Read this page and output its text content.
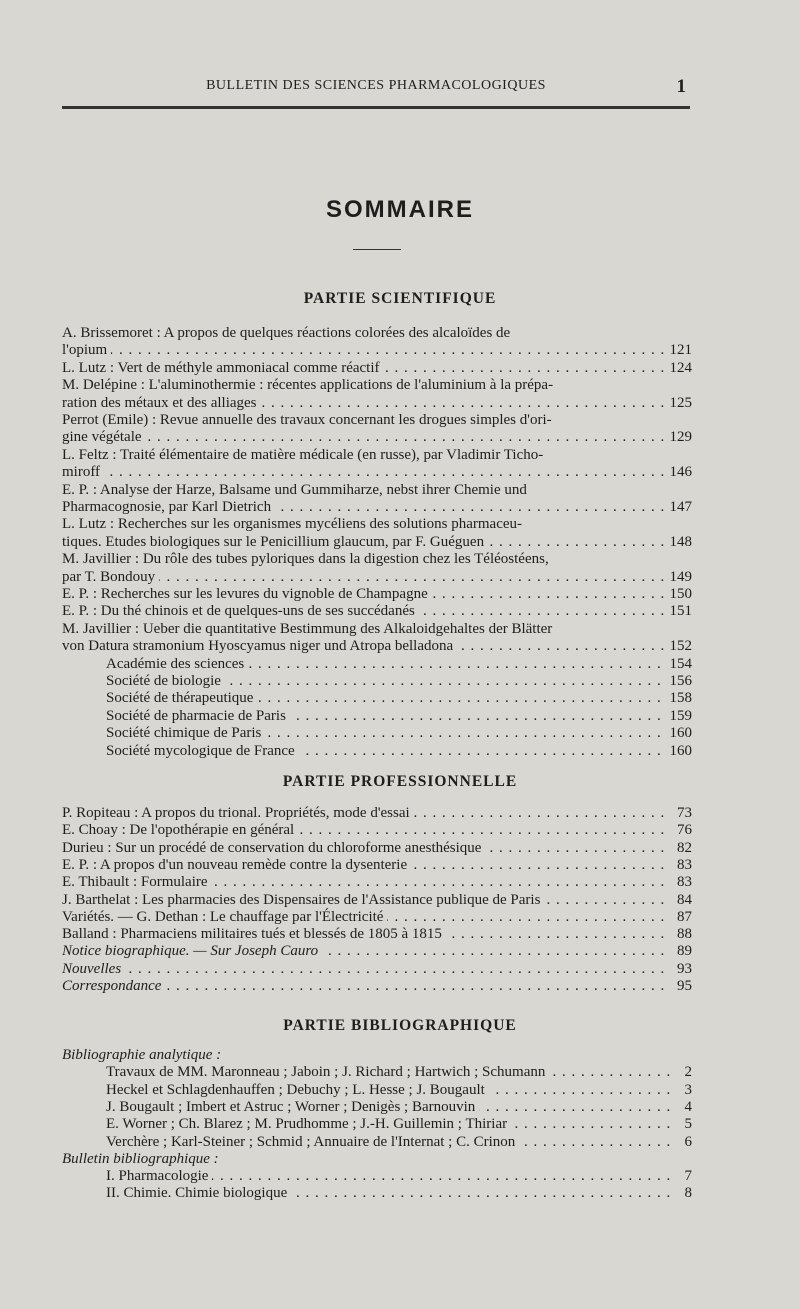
BULLETIN DES SCIENCES PHARMACOLOGIQUES	1
SOMMAIRE
PARTIE SCIENTIFIQUE
A. Brissemoret : A propos de quelques réactions colorées des alcaloïdes de
l'opium	121
. . .
L. Lutz : Vert de méthyle ammoniacal comme réactif	124
. . .
M. Delépine : L'aluminothermie : récentes applications de l'aluminium à la prépa-
ration des métaux et des alliages	125
. . .
Perrot (Emile) : Revue annuelle des travaux concernant les drogues simples d'ori-
gine végétale	129
. . .
L. Feltz : Traité élémentaire de matière médicale (en russe), par Vladimir Ticho-
miroff	146
. . .
E. P. : Analyse der Harze, Balsame und Gummiharze, nebst ihrer Chemie und
Pharmacognosie, par Karl Dietrich	147
. . .
L. Lutz : Recherches sur les organismes mycéliens des solutions pharmaceu-
tiques. Etudes biologiques sur le Penicillium glaucum, par F. Guéguen	148
. . .
M. Javillier : Du rôle des tubes pyloriques dans la digestion chez les Téléostéens,
par T. Bondouy	149
. . .
E. P. : Recherches sur les levures du vignoble de Champagne	150
. . .
E. P. : Du thé chinois et de quelques-uns de ses succédanés	151
. . .
M. Javillier : Ueber die quantitative Bestimmung des Alkaloidgehaltes der Blätter
von Datura stramonium Hyoscyamus niger und Atropa belladona	152
. . .
Académie des sciences	154
. . .
Société de biologie	156
. . .
Société de thérapeutique	158
. . .
Société de pharmacie de Paris	159
. . .
Société chimique de Paris	160
. . .
Société mycologique de France	160
. . .
PARTIE PROFESSIONNELLE
P. Ropiteau : A propos du trional. Propriétés, mode d'essai	73
. . .
E. Choay : De l'opothérapie en général	76
. . .
Durieu : Sur un procédé de conservation du chloroforme anesthésique	82
. . .
E. P. : A propos d'un nouveau remède contre la dysenterie	83
. . .
E. Thibault : Formulaire	83
. . .
J. Barthelat : Les pharmacies des Dispensaires de l'Assistance publique de Paris	84
. . .
Variétés. — G. Dethan : Le chauffage par l'Électricité	87
. . .
Balland : Pharmaciens militaires tués et blessés de 1805 à 1815	88
. . .
Notice biographique. — Sur Joseph Cauro	89
. . .
Nouvelles	93
. . .
Correspondance	95
. . .
PARTIE BIBLIOGRAPHIQUE
Bibliographie analytique :
Travaux de MM. Maronneau ; Jaboin ; J. Richard ; Hartwich ; Schumann	2
. . .
Heckel et Schlagdenhauffen ; Debuchy ; L. Hesse ; J. Bougault	3
. . .
J. Bougault ; Imbert et Astruc ; Worner ; Denigès ; Barnouvin	4
. . .
E. Worner ; Ch. Blarez ; M. Prudhomme ; J.-H. Guillemin ; Thiriar	5
. . .
Verchère ; Karl-Steiner ; Schmid ; Annuaire de l'Internat ; C. Crinon	6
. . .
Bulletin bibliographique :
I. Pharmacologie	7
. . .
II. Chimie. Chimie biologique	8
. . .
